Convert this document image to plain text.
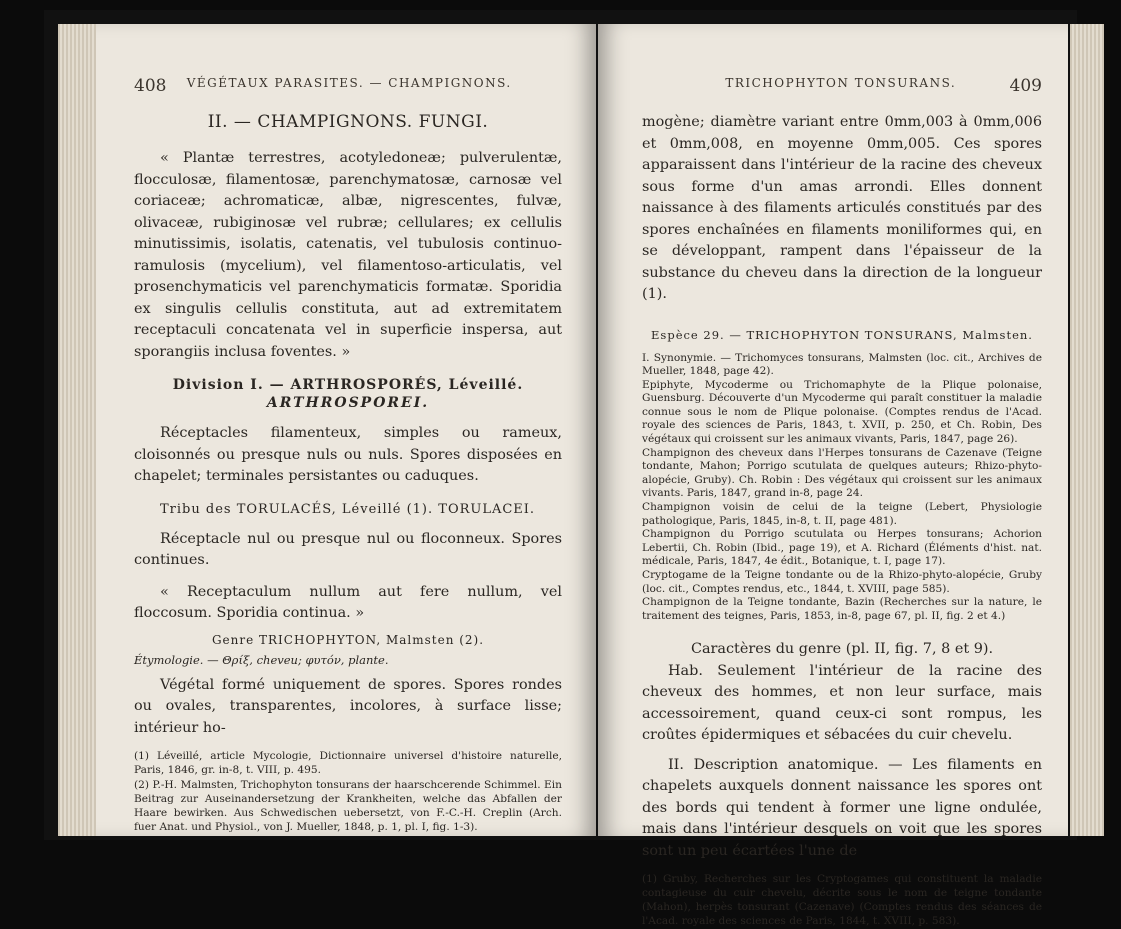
408 VÉGÉTAUX PARASITES. — CHAMPIGNONS.

II. — CHAMPIGNONS. FUNGI.

« Plantæ terrestres, acotyledoneæ; pulverulentæ, flocculosæ, filamentosæ, parenchymatosæ, carnosæ vel coriaceæ; achromaticæ, albæ, nigrescentes, fulvæ, olivaceæ, rubiginosæ vel rubræ; cellulares; ex cellulis minutissimis, isolatis, catenatis, vel tubulosis continuo-ramulosis (mycelium), vel filamentoso-articulatis, vel prosenchymaticis vel parenchymaticis formatæ. Sporidia ex singulis cellulis constituta, aut ad extremitatem receptaculi concatenata vel in superficie inspersa, aut sporangiis inclusa foventes. »

Division I. — ARTHROSPORÉS, Léveillé.

ARTHROSPOREI.

Réceptacles filamenteux, simples ou rameux, cloisonnés ou presque nuls ou nuls. Spores disposées en chapelet; terminales persistantes ou caduques.

Tribu des TORULACÉS, Léveillé (1). TORULACEI.

Réceptacle nul ou presque nul ou floconneux. Spores continues.

« Receptaculum nullum aut fere nullum, vel floccosum. Sporidia continua. »

Genre TRICHOPHYTON, Malmsten (2).

Étymologie. — Θρίξ, cheveu; φυτόν, plante.

Végétal formé uniquement de spores. Spores rondes ou ovales, transparentes, incolores, à surface lisse; intérieur ho-

(1) Léveillé, article Mycologie, Dictionnaire universel d'histoire naturelle, Paris, 1846, gr. in-8, t. VIII, p. 495.

(2) P.-H. Malmsten, Trichophyton tonsurans der haarschcerende Schimmel. Ein Beitrag zur Auseinandersetzung der Krankheiten, welche das Abfallen der Haare bewirken. Aus Schwedischen uebersetzt, von F.-C.-H. Creplin (Arch. fuer Anat. und Physiol., von J. Mueller, 1848, p. 1, pl. I, fig. 1-3).

TRICHOPHYTON TONSURANS.	409

mogène; diamètre variant entre 0mm,003 à 0mm,006 et 0mm,008, en moyenne 0mm,005. Ces spores apparaissent dans l'intérieur de la racine des cheveux sous forme d'un amas arrondi. Elles donnent naissance à des filaments articulés constitués par des spores enchaînées en filaments moniliformes qui, en se développant, rampent dans l'épaisseur de la substance du cheveu dans la direction de la longueur (1).

Espèce 29. — TRICHOPHYTON TONSURANS, Malmsten.

I. Synonymie. — Trichomyces tonsurans, Malmsten (loc. cit., Archives de Mueller, 1848, page 42).

Epiphyte, Mycoderme ou Trichomaphyte de la Plique polonaise, Guensburg. Découverte d'un Mycoderme qui paraît constituer la maladie connue sous le nom de Plique polonaise. (Comptes rendus de l'Acad. royale des sciences de Paris, 1843, t. XVII, p. 250, et Ch. Robin, Des végétaux qui croissent sur les animaux vivants, Paris, 1847, page 26).

Champignon des cheveux dans l'Herpes tonsurans de Cazenave (Teigne tondante, Mahon; Porrigo scutulata de quelques auteurs; Rhizo-phyto-alopécie, Gruby). Ch. Robin : Des végétaux qui croissent sur les animaux vivants. Paris, 1847, grand in-8, page 24.

Champignon voisin de celui de la teigne (Lebert, Physiologie pathologique, Paris, 1845, in-8, t. II, page 481).

Champignon du Porrigo scutulata ou Herpes tonsurans; Achorion Lebertii, Ch. Robin (Ibid., page 19), et A. Richard (Éléments d'hist. nat. médicale, Paris, 1847, 4e édit., Botanique, t. I, page 17).

Cryptogame de la Teigne tondante ou de la Rhizo-phyto-alopécie, Gruby (loc. cit., Comptes rendus, etc., 1844, t. XVIII, page 585).

Champignon de la Teigne tondante, Bazin (Recherches sur la nature, le traitement des teignes, Paris, 1853, in-8, page 67, pl. II, fig. 2 et 4.)

Caractères du genre (pl. II, fig. 7, 8 et 9).

Hab. Seulement l'intérieur de la racine des cheveux des hommes, et non leur surface, mais accessoirement, quand ceux-ci sont rompus, les croûtes épidermiques et sébacées du cuir chevelu.

II. Description anatomique. — Les filaments en chapelets auxquels donnent naissance les spores ont des bords qui tendent à former une ligne ondulée, mais dans l'intérieur desquels on voit que les spores sont un peu écartées l'une de

(1) Gruby, Recherches sur les Cryptogames qui constituent la maladie contagieuse du cuir chevelu, décrite sous le nom de teigne tondante (Mahon), herpès tonsurant (Cazenave) (Comptes rendus des séances de l'Acad. royale des sciences de Paris, 1844, t. XVIII, p. 583).
